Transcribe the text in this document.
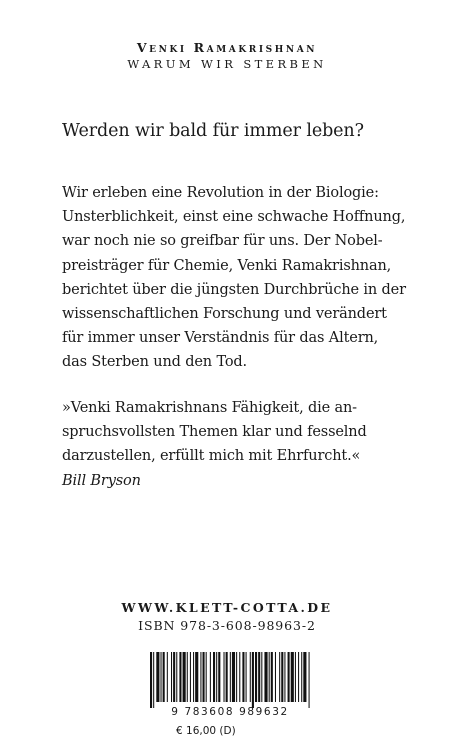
Venki Ramakrishnan
WARUM WIR STERBEN
Werden wir bald für immer leben?
Wir erleben eine Revolution in der Biologie:
Unsterblichkeit, einst eine schwache Hoffnung,
war noch nie so greifbar für uns. Der Nobel-
preisträger für Chemie, Venki Ramakrishnan,
berichtet über die jüngsten Durchbrüche in der
wissenschaftlichen Forschung und verändert
für immer unser Verständnis für das Altern,
das Sterben und den Tod.
»Venki Ramakrishnans Fähigkeit, die an-
spruchsvollsten Themen klar und fesselnd
darzustellen, erfüllt mich mit Ehrfurcht.«
Bill Bryson
WWW.KLETT-COTTA.DE
ISBN 978-3-608-98963-2
9 783608 989632
€ 16,00 (D)
